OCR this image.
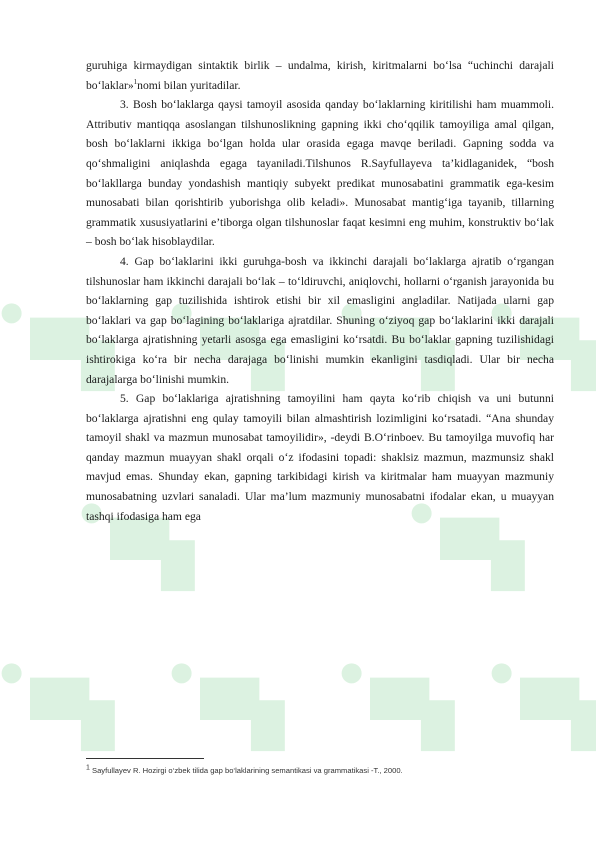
guruhiga kirmaydigan sintaktik birlik – undalma, kirish, kiritmalarni bo‘lsa “uchinchi darajali bo‘laklar»$^1$nomi bilan yuritadilar.

3. Bosh bo‘laklarga qaysi tamoyil asosida qanday bo‘laklarning kiritilishi ham muammoli. Attributiv mantiqqa asoslangan tilshunoslikning gapning ikki cho‘qqilik tamoyiliga amal qilgan, bosh bo‘laklarni ikkiga bo‘lgan holda ular orasida egaga mavqe beriladi. Gapning sodda va qo‘shmaligini aniqlashda egaga tayaniladi.Tilshunos R.Sayfullayeva ta’kidlaganidek, “bosh bo‘lakllarga bunday yondashish mantiqiy subyekt predikat munosabatini grammatik ega-kesim munosabati bilan qorishtirib yuborishga olib keladi». Munosabat mantig‘iga tayanib, tillarning grammatik xususiyatlarini e’tiborga olgan tilshunoslar faqat kesimni eng muhim, konstruktiv bo‘lak – bosh bo‘lak hisoblaydilar.

4. Gap bo‘laklarini ikki guruhga-bosh va ikkinchi darajali bo‘laklarga ajratib o‘rgangan tilshunoslar ham ikkinchi darajali bo‘lak – to‘ldiruvchi, aniqlovchi, hollarni o‘rganish jarayonida bu bo‘laklarning gap tuzilishida ishtirok etishi bir xil emasligini angladilar. Natijada ularni gap bo‘laklari va gap bo‘lagining bo‘laklariga ajratdilar. Shuning o‘ziyoq gap bo‘laklarini ikki darajali bo‘laklarga ajratishning yetarli asosga ega emasligini ko‘rsatdi. Bu bo‘laklar gapning tuzilishidagi ishtirokiga ko‘ra bir necha darajaga bo‘linishi mumkin ekanligini tasdiqladi. Ular bir necha darajalarga bo‘linishi mumkin.

5. Gap bo‘laklariga ajratishning tamoyilini ham qayta ko‘rib chiqish va uni butunni bo‘laklarga ajratishni eng qulay tamoyili bilan almashtirish lozimligini ko‘rsatadi. “Ana shunday tamoyil shakl va mazmun munosabat tamoyilidir», -deydi B.O‘rinboev. Bu tamoyilga muvofiq har qanday mazmun muayyan shakl orqali o‘z ifodasini topadi: shaklsiz mazmun, mazmunsiz shakl mavjud emas. Shunday ekan, gapning tarkibidagi kirish va kiritmalar ham muayyan mazmuniy munosabatning uzvlari sanaladi. Ular ma’lum mazmuniy munosabatni ifodalar ekan, u muayyan tashqi ifodasiga ham ega

$^1$ Sayfullayev R. Hozirgi o‘zbek tilida gap bo‘laklarining semantikasi va grammatikasi -T., 2000.
